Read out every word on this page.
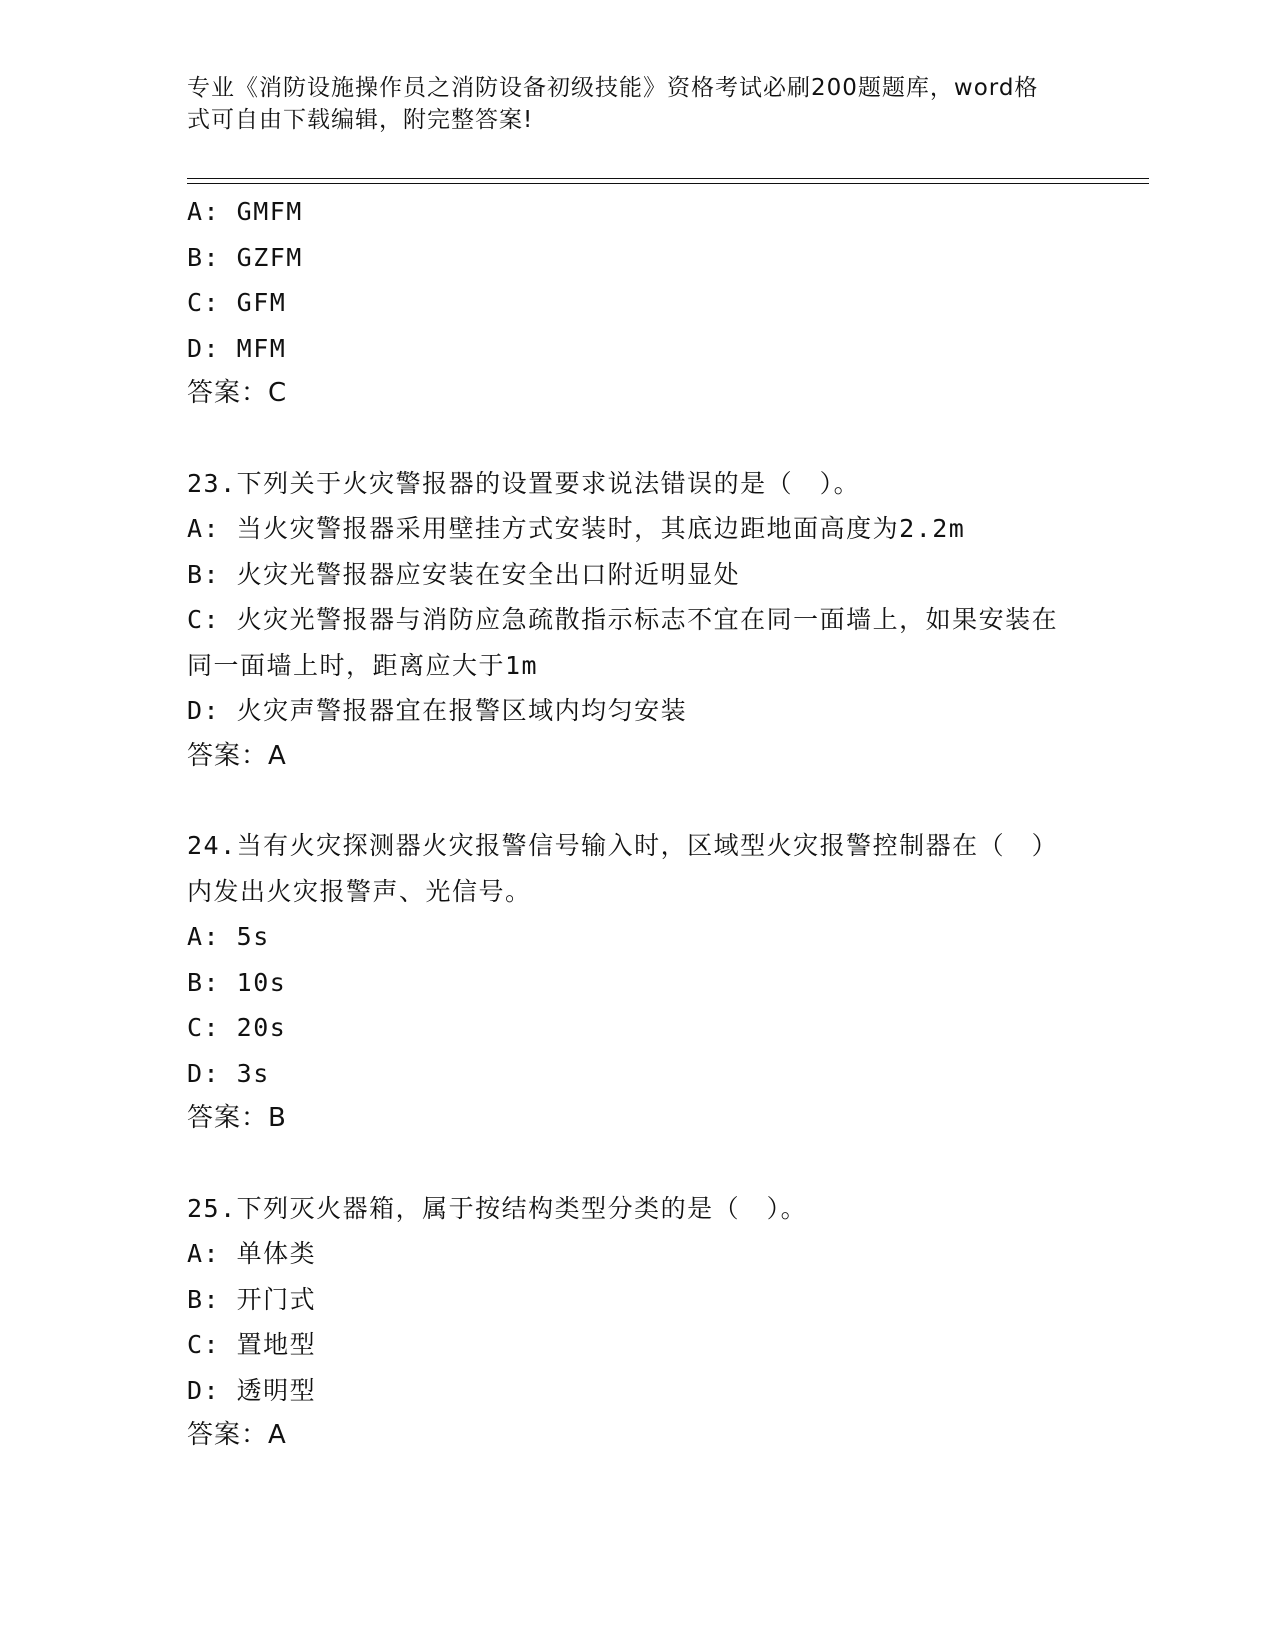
专业《消防设施操作员之消防设备初级技能》资格考试必刷200题题库，word格
式可自由下载编辑，附完整答案!
A: GMFM
B: GZFM
C: GFM
D: MFM
答案：C
23.下列关于火灾警报器的设置要求说法错误的是（　）。
A: 当火灾警报器采用壁挂方式安装时，其底边距地面高度为2.2m
B: 火灾光警报器应安装在安全出口附近明显处
C: 火灾光警报器与消防应急疏散指示标志不宜在同一面墙上，如果安装在同一面墙上时，距离应大于1m
D: 火灾声警报器宜在报警区域内均匀安装
答案：A
24.当有火灾探测器火灾报警信号输入时，区域型火灾报警控制器在（　）内发出火灾报警声、光信号。
A: 5s
B: 10s
C: 20s
D: 3s
答案：B
25.下列灭火器箱，属于按结构类型分类的是（　）。
A: 单体类
B: 开门式
C: 置地型
D: 透明型
答案：A
